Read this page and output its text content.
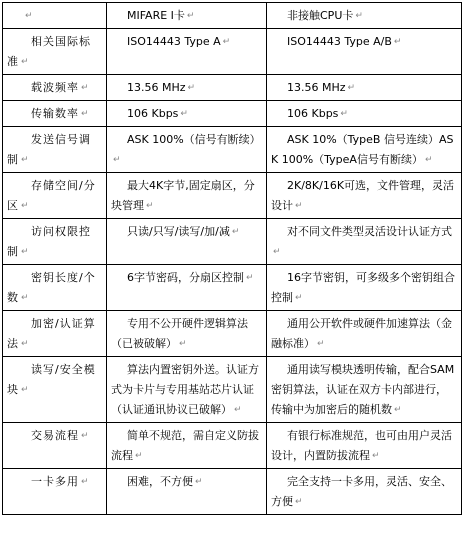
↵	MIFARE I卡 ↵	非接触CPU卡 ↵
相关国际标准 ↵	ISO14443 Type A ↵	ISO14443 Type A/B ↵
载波频率 ↵	13.56 MHz ↵	13.56 MHz ↵
传输数率 ↵	106 Kbps ↵	106 Kbps ↵
发送信号调制 ↵	ASK 100%（信号有断续）↵	ASK 10%（TypeB 信号连续）ASK 100%（TypeA信号有断续） ↵
存储空间/分区 ↵	最大4K字节,固定扇区，分块管理 ↵	2K/8K/16K可选，文件管理，灵活设计 ↵
访问权限控制 ↵	只读/只写/读写/加/减 ↵	对不同文件类型灵活设计认证方式↵
密钥长度/个数 ↵	6字节密码，分扇区控制 ↵	16字节密钥，可多级多个密钥组合控制 ↵
加密/认证算法 ↵	专用不公开硬件逻辑算法（已被破解） ↵	通用公开软件或硬件加速算法（金融标准） ↵
读写/安全模块 ↵	算法内置密钥外送。认证方式为卡片与专用基站芯片认证（认证通讯协议已破解） ↵	通用读写模块透明传输，配合SAM密钥算法，认证在双方卡内部进行，传输中为加密后的随机数 ↵
交易流程 ↵	简单不规范，需自定义防拔流程 ↵	有银行标准规范，也可由用户灵活设计，内置防拔流程 ↵
一卡多用 ↵	困难，不方便 ↵	完全支持一卡多用，灵活、安全、方便 ↵
